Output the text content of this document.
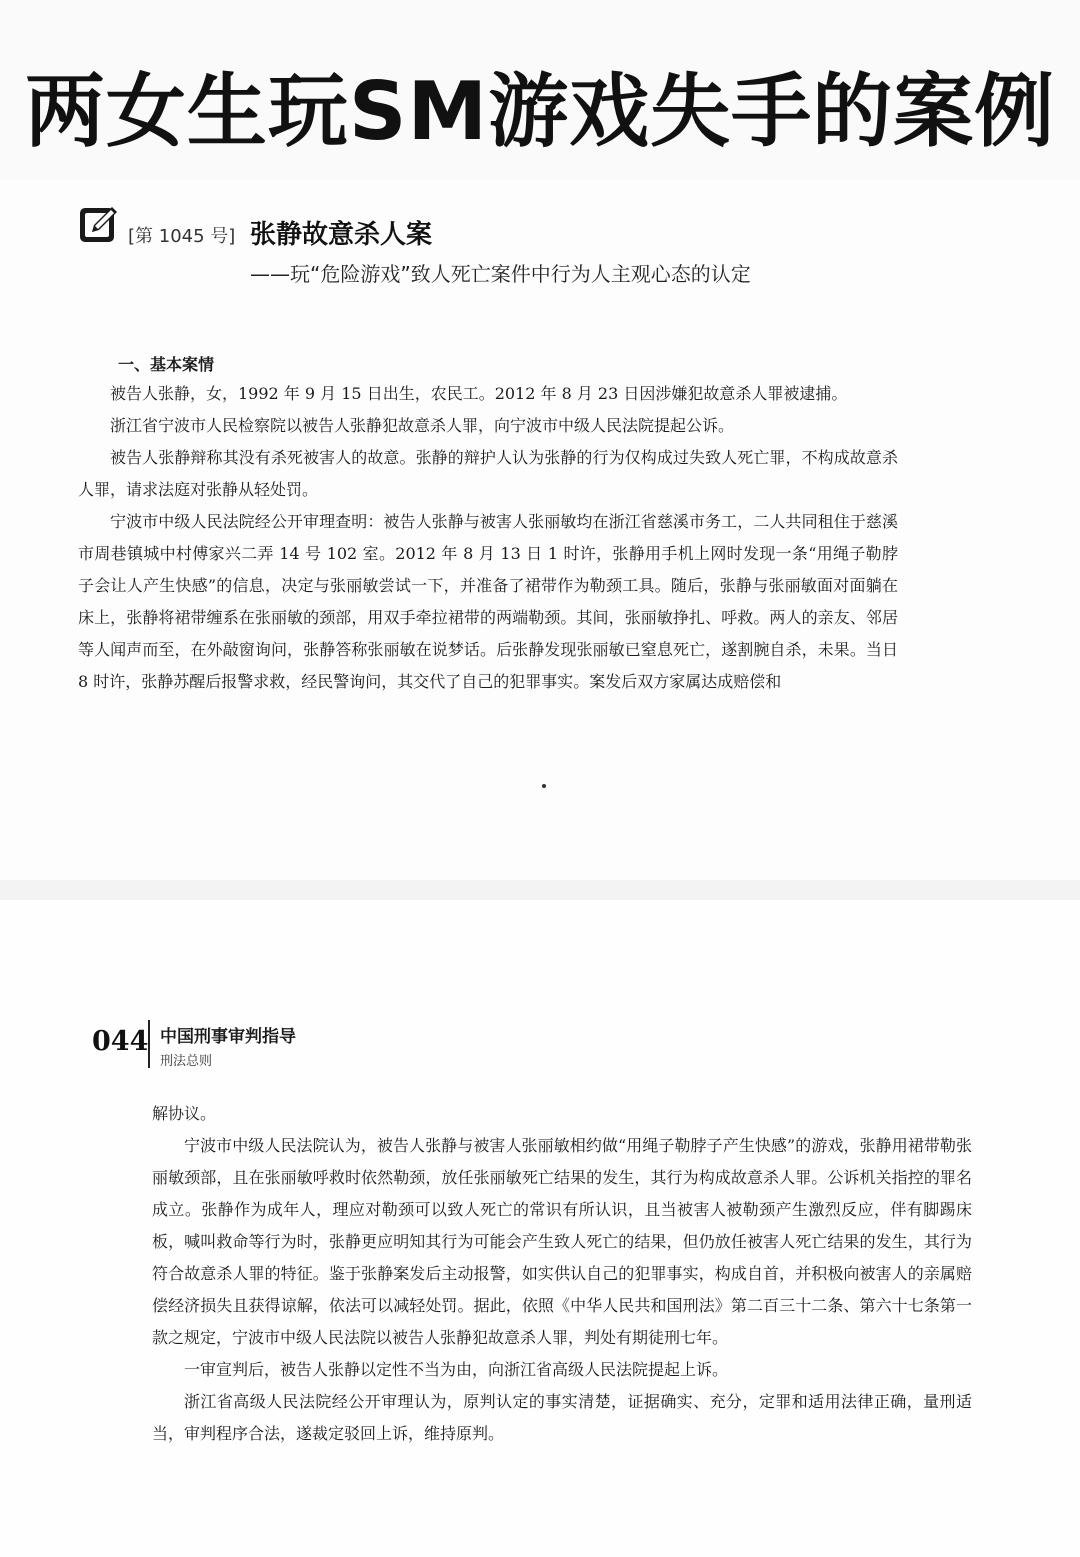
两女生玩SM游戏失手的案例
[第 1045 号] 张静故意杀人案
——玩“危险游戏”致人死亡案件中行为人主观心态的认定
一、基本案情

被告人张静，女，1992 年 9 月 15 日出生，农民工。2012 年 8 月 23 日因涉嫌犯故意杀人罪被逮捕。

浙江省宁波市人民检察院以被告人张静犯故意杀人罪，向宁波市中级人民法院提起公诉。

被告人张静辩称其没有杀死被害人的故意。张静的辩护人认为张静的行为仅构成过失致人死亡罪，不构成故意杀人罪，请求法庭对张静从轻处罚。

宁波市中级人民法院经公开审理查明：被告人张静与被害人张丽敏均在浙江省慈溪市务工，二人共同租住于慈溪市周巷镇城中村傅家兴二弄 14 号 102 室。2012 年 8 月 13 日 1 时许，张静用手机上网时发现一条“用绳子勒脖子会让人产生快感”的信息，决定与张丽敏尝试一下，并准备了裙带作为勒颈工具。随后，张静与张丽敏面对面躺在床上，张静将裙带缠系在张丽敏的颈部，用双手牵拉裙带的两端勒颈。其间，张丽敏挣扎、呼救。两人的亲友、邻居等人闻声而至，在外敲窗询问，张静答称张丽敏在说梦话。后张静发现张丽敏已窒息死亡，遂割腕自杀，未果。当日 8 时许，张静苏醒后报警求救，经民警询问，其交代了自己的犯罪事实。案发后双方家属达成赔偿和

044 中国刑事审判指导
刑法总则

解协议。

宁波市中级人民法院认为，被告人张静与被害人张丽敏相约做“用绳子勒脖子产生快感”的游戏，张静用裙带勒张丽敏颈部，且在张丽敏呼救时依然勒颈，放任张丽敏死亡结果的发生，其行为构成故意杀人罪。公诉机关指控的罪名成立。张静作为成年人，理应对勒颈可以致人死亡的常识有所认识，且当被害人被勒颈产生激烈反应，伴有脚踢床板，喊叫救命等行为时，张静更应明知其行为可能会产生致人死亡的结果，但仍放任被害人死亡结果的发生，其行为符合故意杀人罪的特征。鉴于张静案发后主动报警，如实供认自己的犯罪事实，构成自首，并积极向被害人的亲属赔偿经济损失且获得谅解，依法可以减轻处罚。据此，依照《中华人民共和国刑法》第二百三十二条、第六十七条第一款之规定，宁波市中级人民法院以被告人张静犯故意杀人罪，判处有期徒刑七年。

一审宣判后，被告人张静以定性不当为由，向浙江省高级人民法院提起上诉。

浙江省高级人民法院经公开审理认为，原判认定的事实清楚，证据确实、充分，定罪和适用法律正确，量刑适当，审判程序合法，遂裁定驳回上诉，维持原判。
